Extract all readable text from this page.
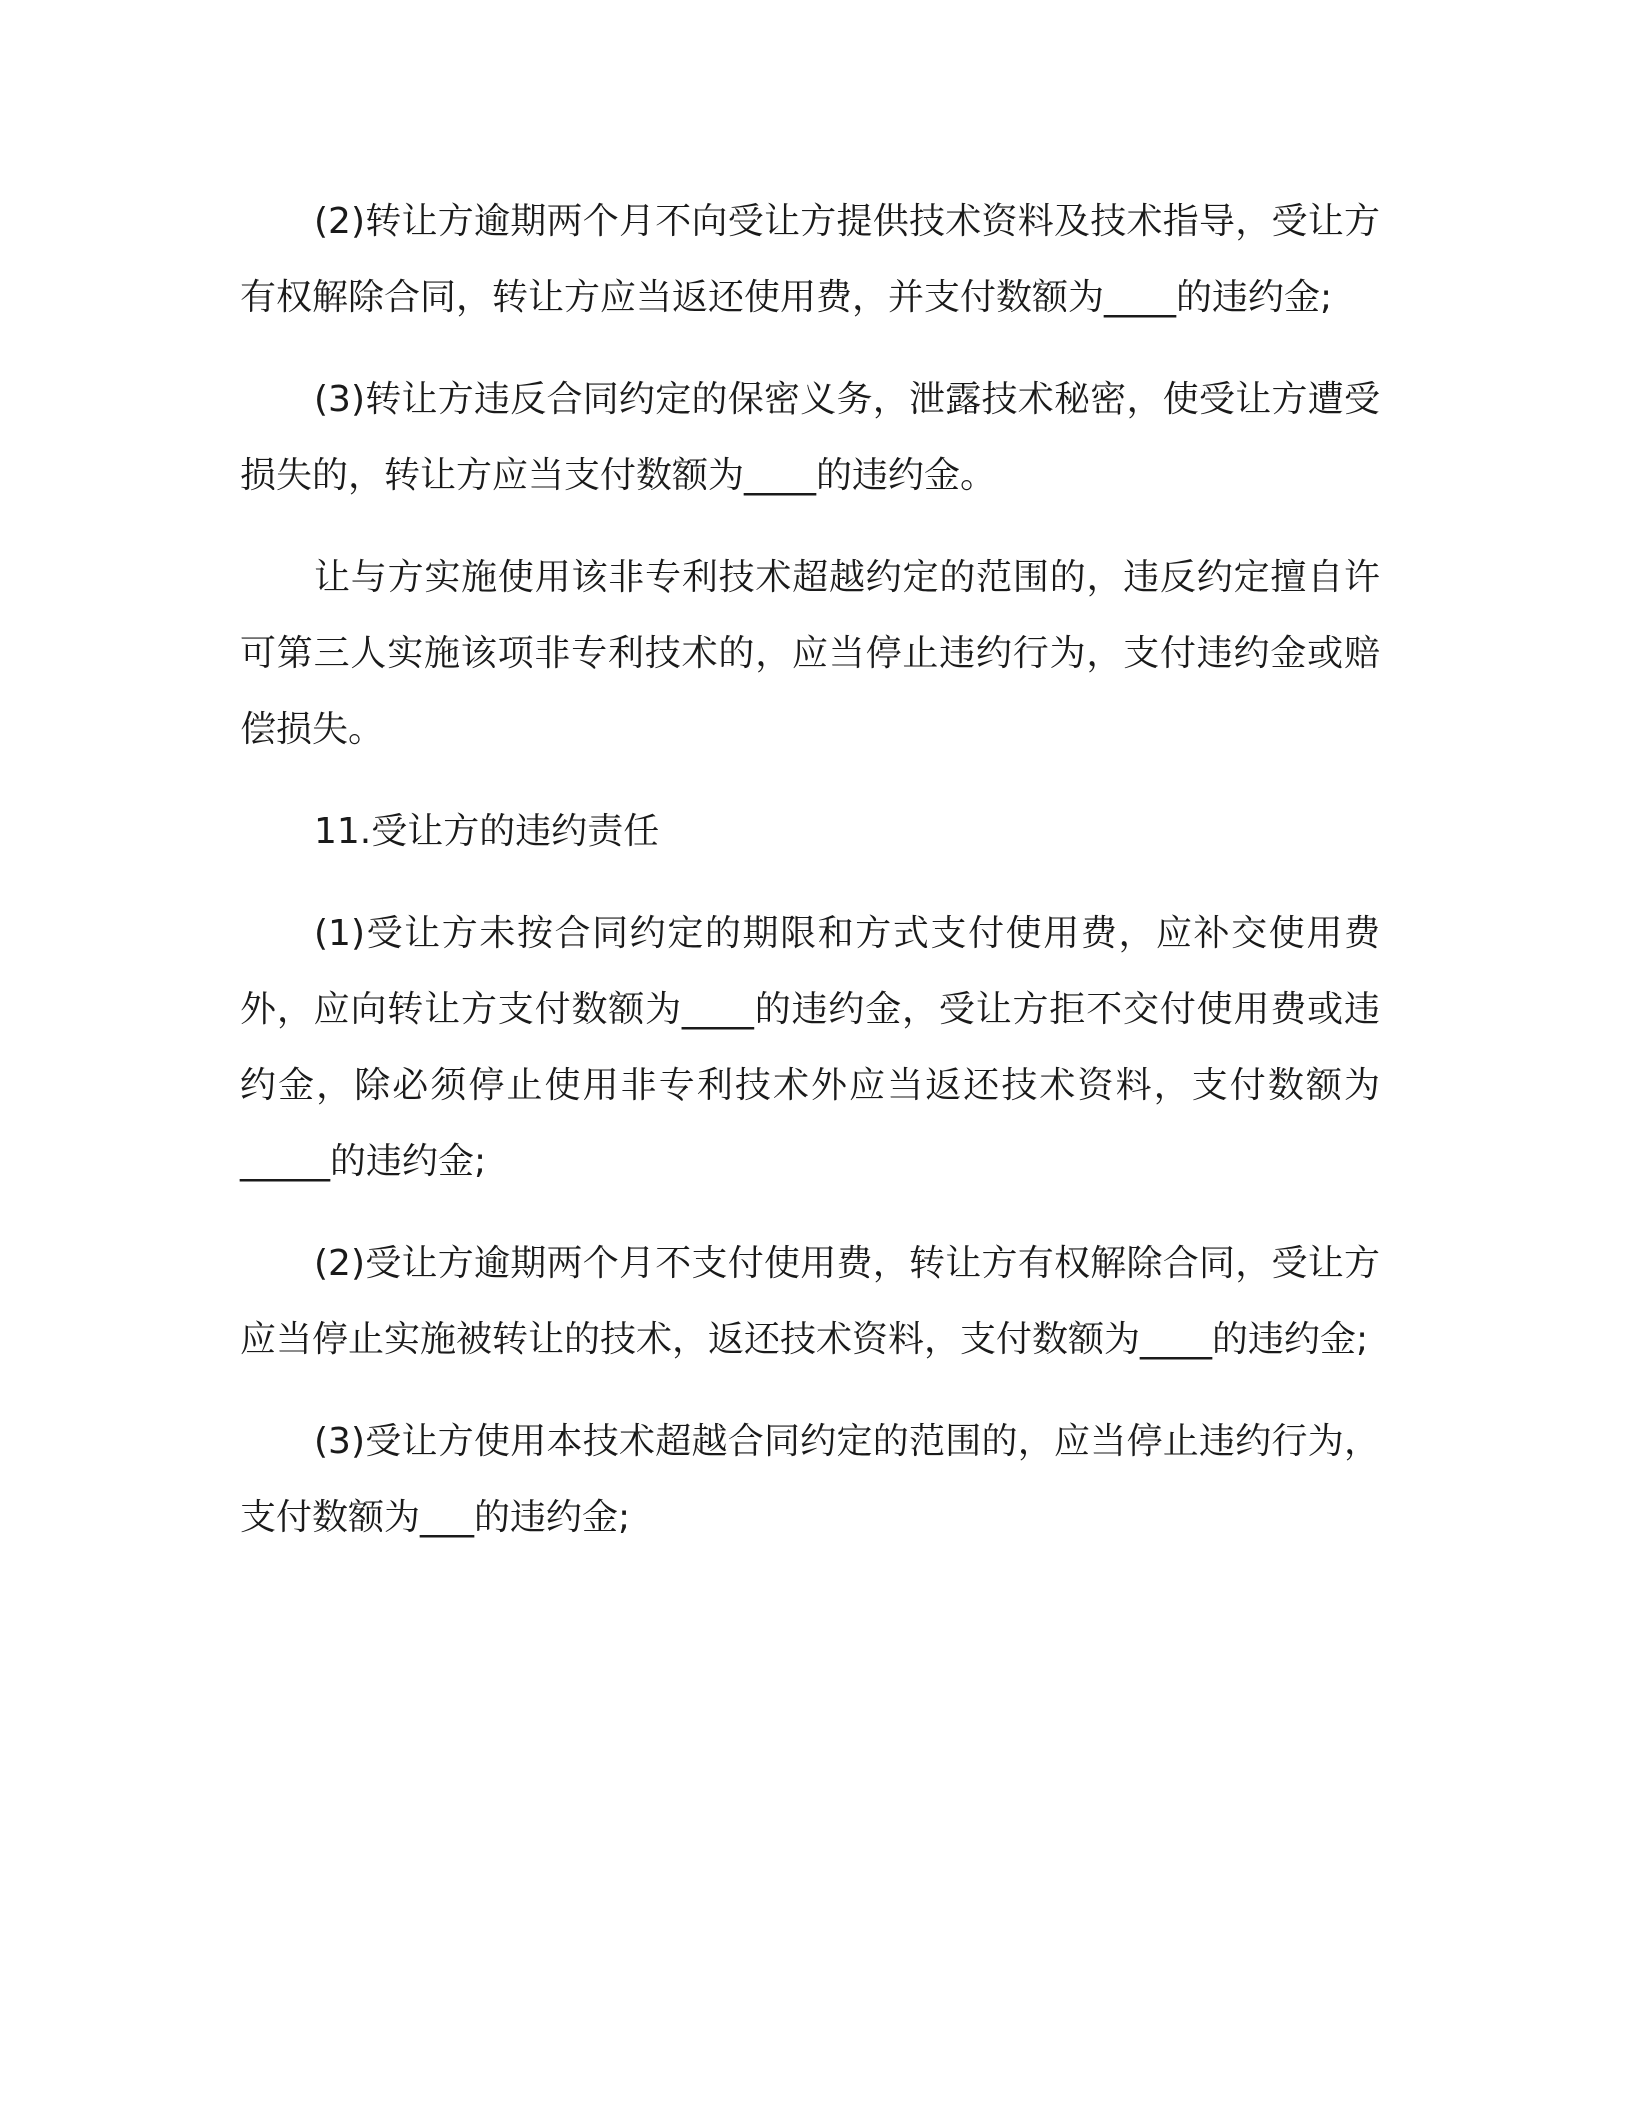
(2)转让方逾期两个月不向受让方提供技术资料及技术指导，受让方有权解除合同，转让方应当返还使用费，并支付数额为____的违约金;

(3)转让方违反合同约定的保密义务，泄露技术秘密，使受让方遭受损失的，转让方应当支付数额为____的违约金。

让与方实施使用该非专利技术超越约定的范围的，违反约定擅自许可第三人实施该项非专利技术的，应当停止违约行为，支付违约金或赔偿损失。

11.受让方的违约责任

(1)受让方未按合同约定的期限和方式支付使用费，应补交使用费外，应向转让方支付数额为____的违约金，受让方拒不交付使用费或违约金，除必须停止使用非专利技术外应当返还技术资料，支付数额为_____的违约金;

(2)受让方逾期两个月不支付使用费，转让方有权解除合同，受让方应当停止实施被转让的技术，返还技术资料，支付数额为____的违约金;

(3)受让方使用本技术超越合同约定的范围的，应当停止违约行为，支付数额为___的违约金;
